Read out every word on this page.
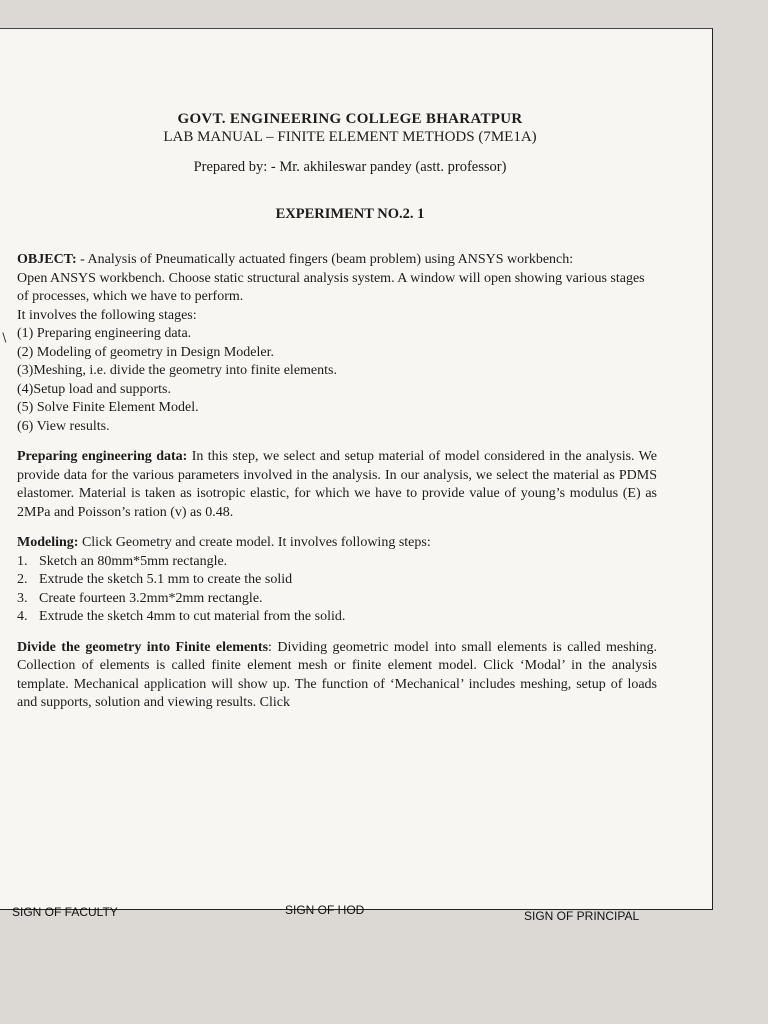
GOVT. ENGINEERING COLLEGE BHARATPUR
LAB MANUAL – FINITE ELEMENT METHODS (7ME1A)
Prepared by: - Mr. akhileswar pandey (astt. professor)
EXPERIMENT NO.2. 1
∖

OBJECT: - Analysis of Pneumatically actuated fingers (beam problem) using ANSYS workbench:

Open ANSYS workbench. Choose static structural analysis system. A window will open showing various stages of processes, which we have to perform.

It involves the following stages:

(1) Preparing engineering data.

(2) Modeling of geometry in Design Modeler.

(3)Meshing, i.e. divide the geometry into finite elements.

(4)Setup load and supports.

(5) Solve Finite Element Model.

(6) View results.

Preparing engineering data: In this step, we select and setup material of model considered in the analysis. We provide data for the various parameters involved in the analysis. In our analysis, we select the material as PDMS elastomer. Material is taken as isotropic elastic, for which we have to provide value of young’s modulus (E) as 2MPa and Poisson’s ration (v) as 0.48.

Modeling: Click Geometry and create model. It involves following steps:

1. Sketch an 80mm*5mm rectangle.
2. Extrude the sketch 5.1 mm to create the solid
3. Create fourteen 3.2mm*2mm rectangle.
4. Extrude the sketch 4mm to cut material from the solid.

Divide the geometry into Finite elements: Dividing geometric model into small elements is called meshing. Collection of elements is called finite element mesh or finite element model. Click ‘Modal’ in the analysis template. Mechanical application will show up. The function of ‘Mechanical’ includes meshing, setup of loads and supports, solution and viewing results. Click

SIGN OF FACULTY	SIGN OF HOD	SIGN OF PRINCIPAL
